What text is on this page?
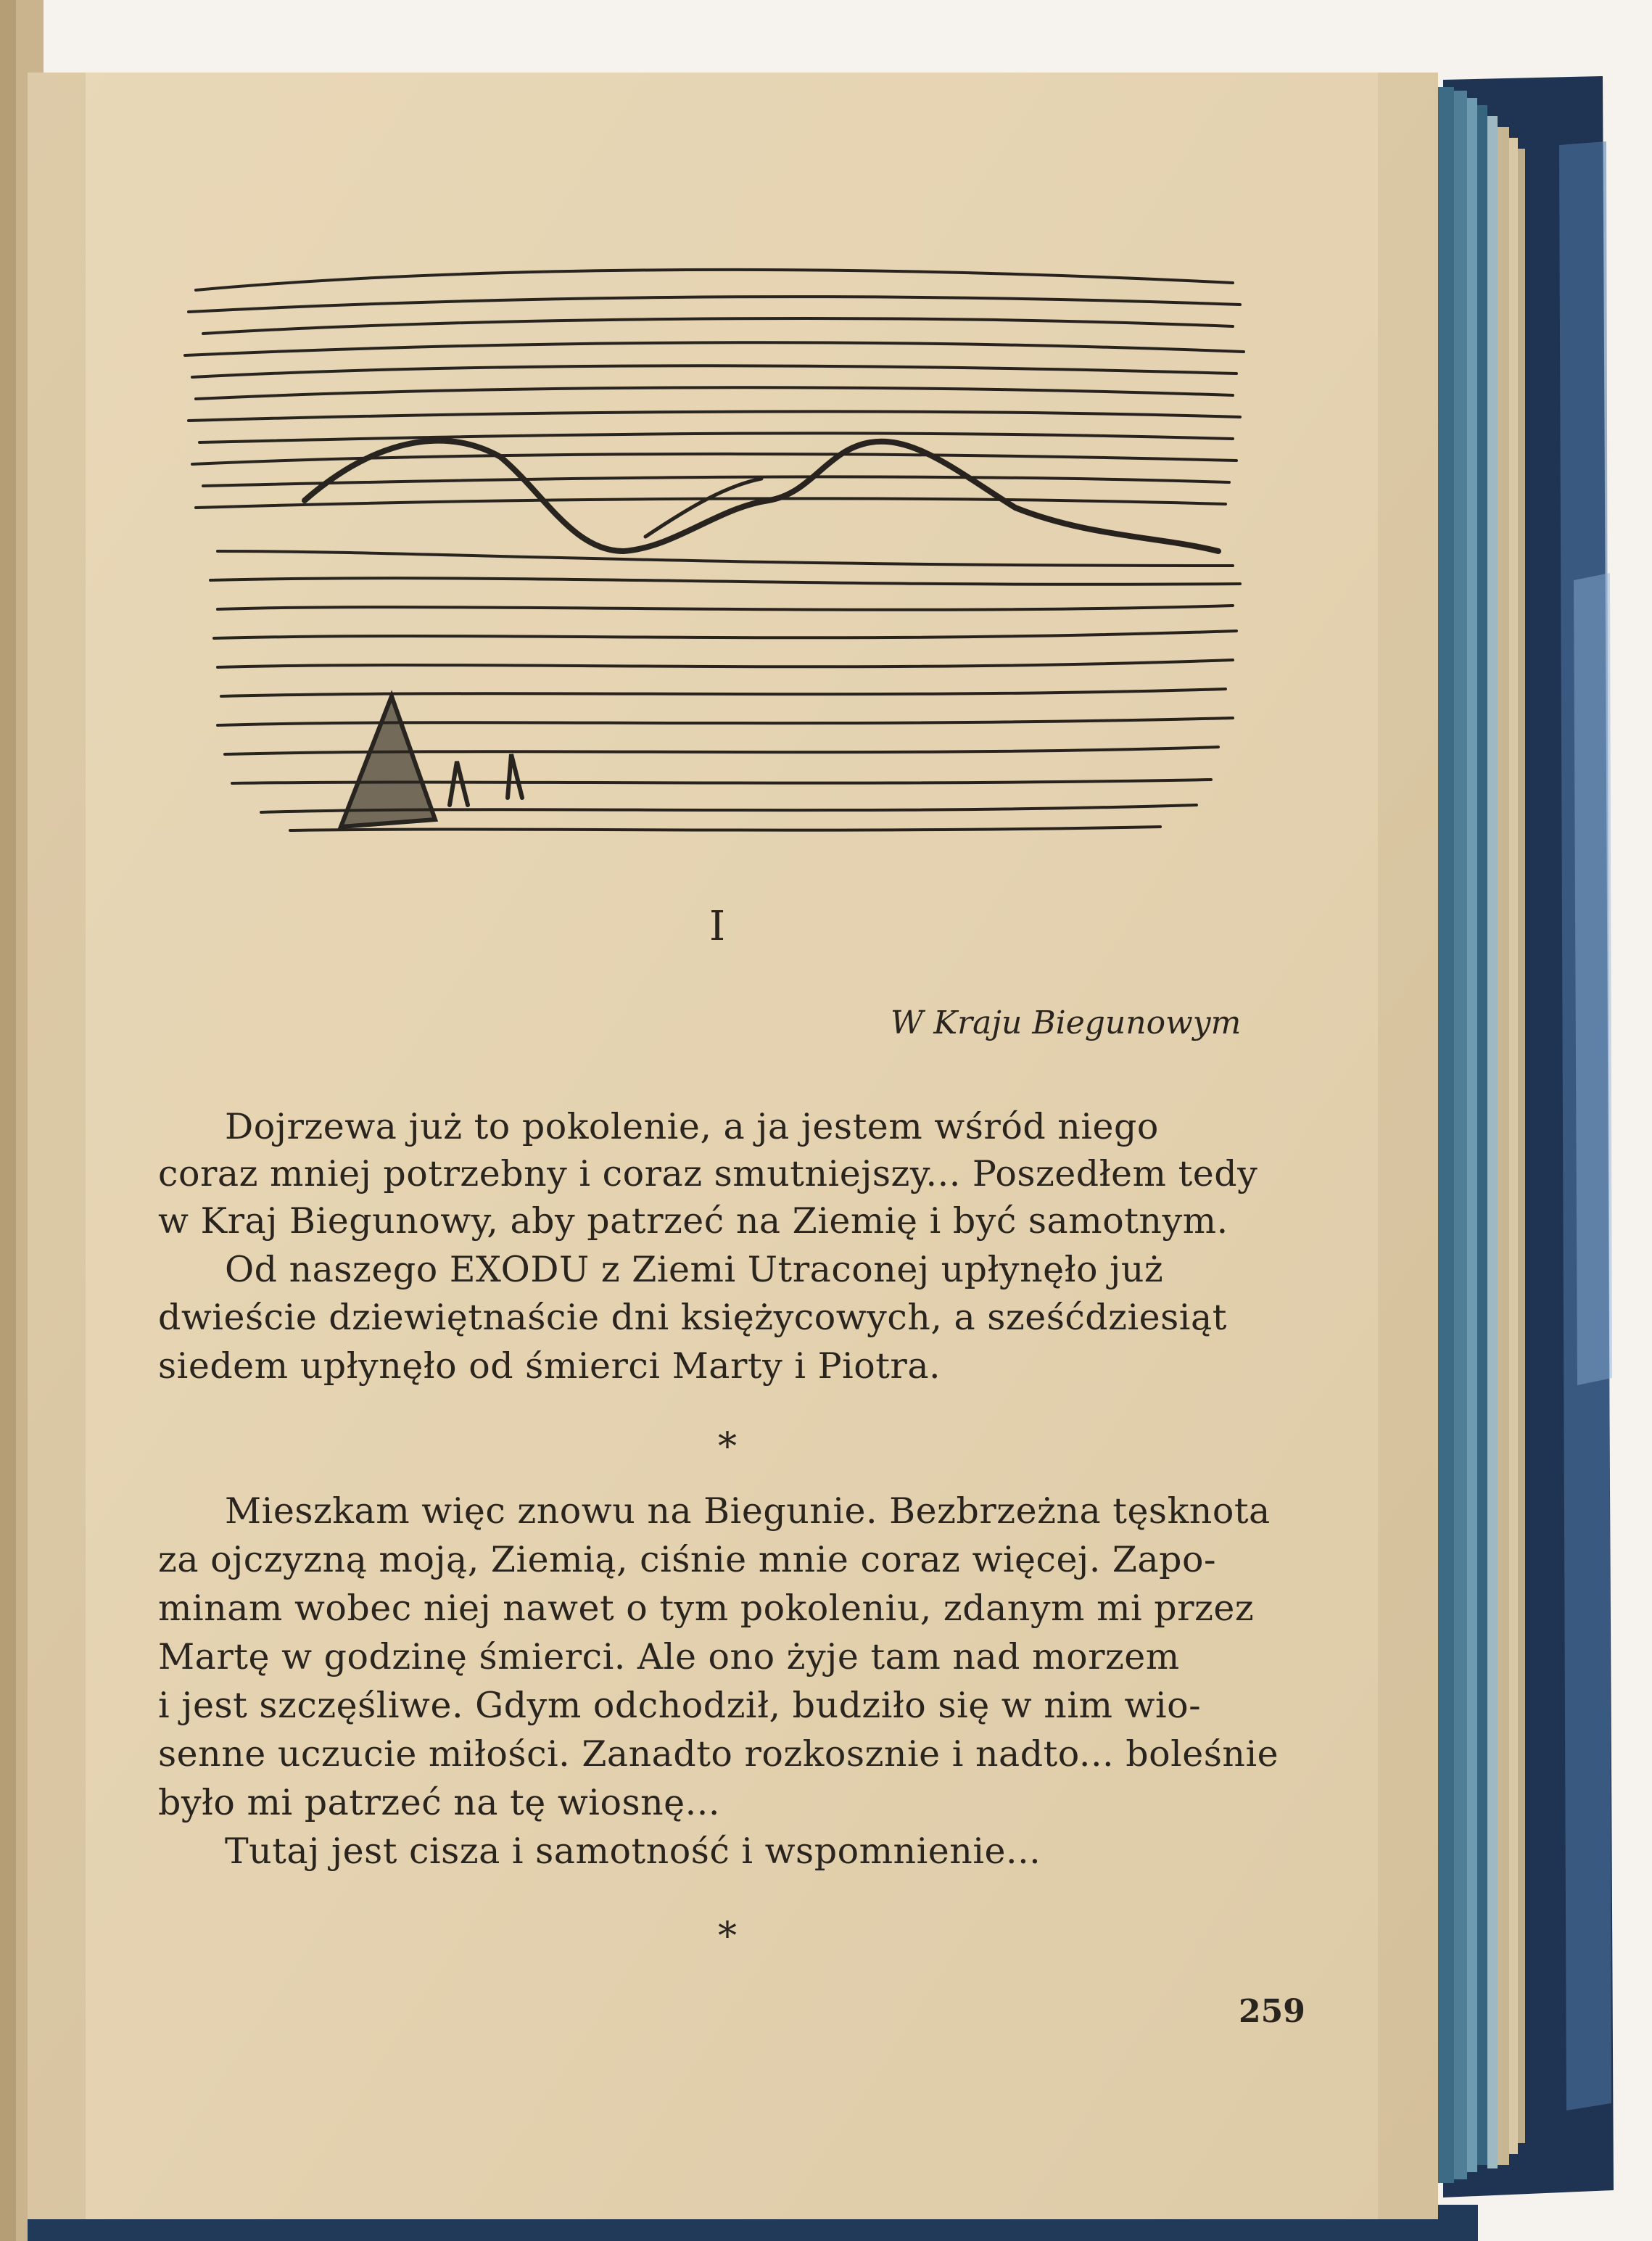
I
W Kraju Biegunowym
Dojrzewa już to pokolenie, a ja jestem wśród niego
coraz mniej potrzebny i coraz smutniejszy... Poszedłem tedy
w Kraj Biegunowy, aby patrzeć na Ziemię i być samotnym.
Od naszego EXODU z Ziemi Utraconej upłynęło już
dwieście dziewiętnaście dni księżycowych, a sześćdziesiąt
siedem upłynęło od śmierci Marty i Piotra.
*
Mieszkam więc znowu na Biegunie. Bezbrzeżna tęsknota
za ojczyzną moją, Ziemią, ciśnie mnie coraz więcej. Zapo-
minam wobec niej nawet o tym pokoleniu, zdanym mi przez
Martę w godzinę śmierci. Ale ono żyje tam nad morzem
i jest szczęśliwe. Gdym odchodził, budziło się w nim wio-
senne uczucie miłości. Zanadto rozkosznie i nadto... boleśnie
było mi patrzeć na tę wiosnę...
Tutaj jest cisza i samotność i wspomnienie...
*
259
